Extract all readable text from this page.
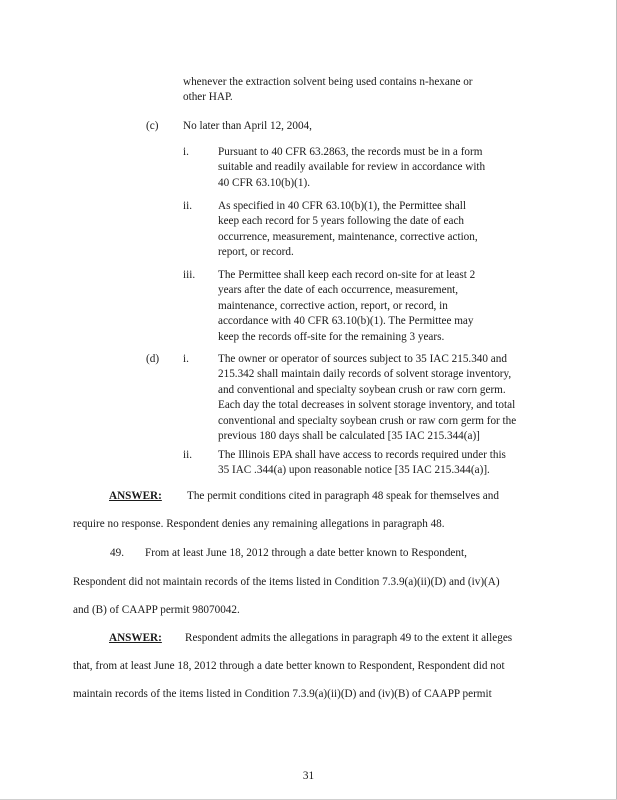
whenever the extraction solvent being used contains n-hexane or
other HAP.
(c) No later than April 12, 2004,
i.	Pursuant to 40 CFR 63.2863, the records must be in a form
suitable and readily available for review in accordance with
40 CFR 63.10(b)(1).
ii. As specified in 40 CFR 63.10(b)(1), the Permittee shall
keep each record for 5 years following the date of each
occurrence, measurement, maintenance, corrective action,
report, or record.
iii. The Permittee shall keep each record on-site for at least 2
years after the date of each occurrence, measurement,
maintenance, corrective action, report, or record, in
accordance with 40 CFR 63.10(b)(1). The Permittee may
keep the records off-site for the remaining 3 years.
(d) i.	The owner or operator of sources subject to 35 IAC 215.340 and
215.342 shall maintain daily records of solvent storage inventory,
and conventional and specialty soybean crush or raw corn germ.
Each day the total decreases in solvent storage inventory, and total
conventional and specialty soybean crush or raw corn germ for the
previous 180 days shall be calculated [35 IAC 215.344(a)]
ii. The Illinois EPA shall have access to records required under this
35 IAC .344(a) upon reasonable notice [35 IAC 215.344(a)].
ANSWER: The permit conditions cited in paragraph 48 speak for themselves and
require no response. Respondent denies any remaining allegations in paragraph 48.
49. From at least June 18, 2012 through a date better known to Respondent,
Respondent did not maintain records of the items listed in Condition 7.3.9(a)(ii)(D) and (iv)(A)
and (B) of CAAPP permit 98070042.
ANSWER: Respondent admits the allegations in paragraph 49 to the extent it alleges
that, from at least June 18, 2012 through a date better known to Respondent, Respondent did not
maintain records of the items listed in Condition 7.3.9(a)(ii)(D) and (iv)(B) of CAAPP permit
31
